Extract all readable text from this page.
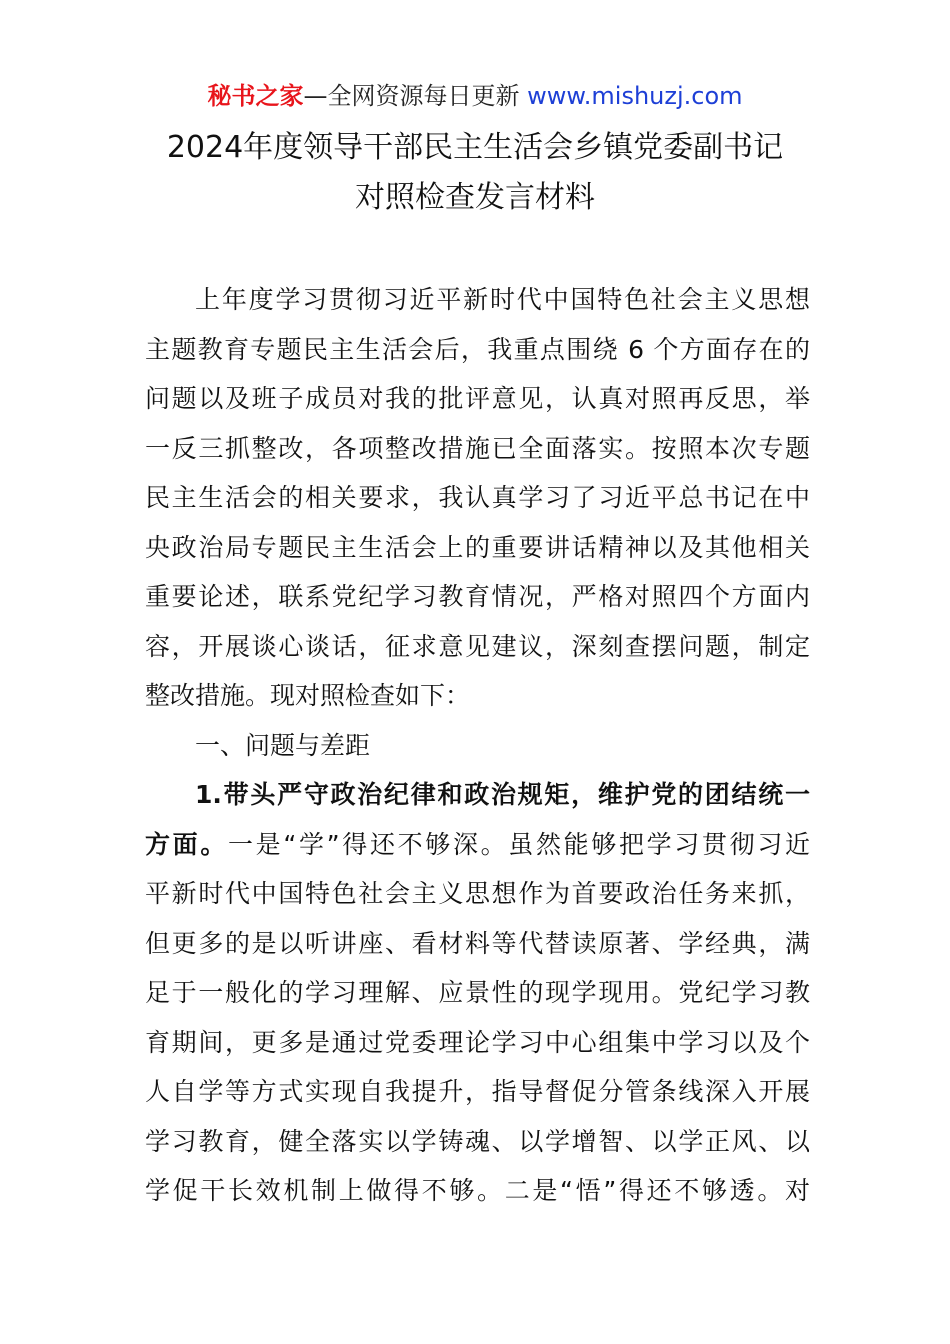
秘书之家—全网资源每日更新 www.mishuzj.com
2024年度领导干部民主生活会乡镇党委副书记
对照检查发言材料
上年度学习贯彻习近平新时代中国特色社会主义思想
主题教育专题民主生活会后，我重点围绕 6 个方面存在的
问题以及班子成员对我的批评意见，认真对照再反思，举
一反三抓整改，各项整改措施已全面落实。按照本次专题
民主生活会的相关要求，我认真学习了习近平总书记在中
央政治局专题民主生活会上的重要讲话精神以及其他相关
重要论述，联系党纪学习教育情况，严格对照四个方面内
容，开展谈心谈话，征求意见建议，深刻查摆问题，制定
整改措施。现对照检查如下：
一、问题与差距
1.带头严守政治纪律和政治规矩，维护党的团结统一
方面。一是“学”得还不够深。虽然能够把学习贯彻习近
平新时代中国特色社会主义思想作为首要政治任务来抓，
但更多的是以听讲座、看材料等代替读原著、学经典，满
足于一般化的学习理解、应景性的现学现用。党纪学习教
育期间，更多是通过党委理论学习中心组集中学习以及个
人自学等方式实现自我提升，指导督促分管条线深入开展
学习教育，健全落实以学铸魂、以学增智、以学正风、以
学促干长效机制上做得不够。二是“悟”得还不够透。对
